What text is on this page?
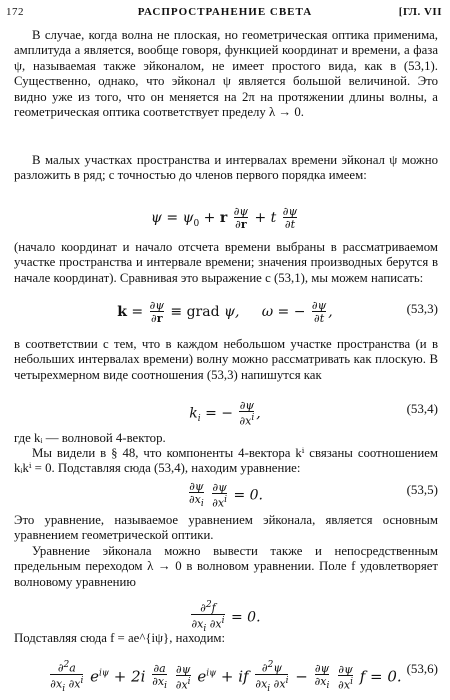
172	РАСПРОСТРАНЕНИЕ СВЕТА	[ГЛ. VII

В случае, когда волна не плоская, но геометрическая оптика применима, амплитуда a является, вообще говоря, функцией координат и времени, а фаза ψ, называемая также эйконалом, не имеет простого вида, как в (53,1). Существенно, однако, что эйконал ψ является большой величиной. Это видно уже из того, что он меняется на 2π на протяжении длины волны, а геометрическая оптика соответствует пределу λ → 0.

В малых участках пространства и интервалах времени эйконал ψ можно разложить в ряд; с точностью до членов первого порядка имеем:

$\psi = \psi_0 + r \frac{\partial\psi}{\partial r} + t \frac{\partial\psi}{\partial t}$

(начало координат и начало отсчета времени выбраны в рассматриваемом участке пространства и интервале времени; значения производных берутся в начале координат). Сравнивая это выражение с (53,1), мы можем написать:

$k = \frac{\partial\psi}{\partial r}$ ≡ grad ψ,     ω = − $\frac{\partial\psi}{\partial t}$ ,	(53,3)

в соответствии с тем, что в каждом небольшом участке пространства (и в небольших интервалах времени) волну можно рассматривать как плоскую. В четырехмерном виде соотношения (53,3) напишутся как

$k_i$ = − $\frac{\partial\psi}{\partial x^i}$ ,	(53,4)

где kᵢ — волновой 4-вектор.

Мы видели в § 48, что компоненты 4-вектора kⁱ связаны соотношением kᵢkⁱ = 0. Подставляя сюда (53,4), находим уравнение:

$\frac{\partial\psi}{\partial x_i}$
$\frac{\partial\psi}{\partial x^i} = 0$.	(53,5)

Это уравнение, называемое уравнением эйконала, является основным уравнением геометрической оптики.

Уравнение эйконала можно вывести также и непосредственным предельным переходом λ → 0 в волновом уравнении. Поле f удовлетворяет волновому уравнению

$\frac{\partial^2f}{\partial x_i \partial x^i} = 0$.

Подставляя сюда f = ae^{iψ}, находим:

$\frac{\partial^2a}{\partial x_i \partial x^i} e^{i\psi} + 2i \frac{\partial a}{\partial x_i}$
$\frac{\partial\psi}{\partial x^i} e^{i\psi}$ + if $\frac{\partial^2\psi}{\partial x_i \partial x^i} - \frac{\partial\psi}{\partial x_i}$
$\frac{\partial\psi}{\partial x^i}$ f = 0. (53,6)
